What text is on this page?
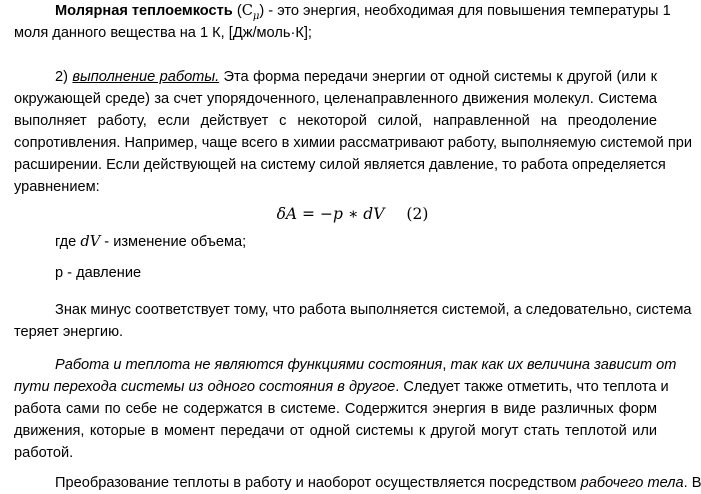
Молярная теплоемкость $(C_\mu)$ - это энергия, необходимая для повышения температуры 1
моля данного вещества на 1 К, [Дж/моль·К];
2) выполнение работы. Эта форма передачи энергии от одной системы к другой (или к
окружающей среде) за счет упорядоченного, целенаправленного движения молекул. Система
выполняет работу, если действует с некоторой силой, направленной на преодоление
сопротивления. Например, чаще всего в химии рассматривают работу, выполняемую системой при
расширении. Если действующей на систему силой является давление, то работа определяется
уравнением:
δA = −p ∗ dV (2)
где dV - изменение объема;
р - давление
Знак минус соответствует тому, что работа выполняется системой, а следовательно, система
теряет энергию.
Работа и теплота не являются функциями состояния, так как их величина зависит от
пути перехода системы из одного состояния в другое. Следует также отметить, что теплота и
работа сами по себе не содержатся в системе. Содержится энергия в виде различных форм
движения, которые в момент передачи от одной системы к другой могут стать теплотой или
работой.
Преобразование теплоты в работу и наоборот осуществляется посредством рабочего тела. В
